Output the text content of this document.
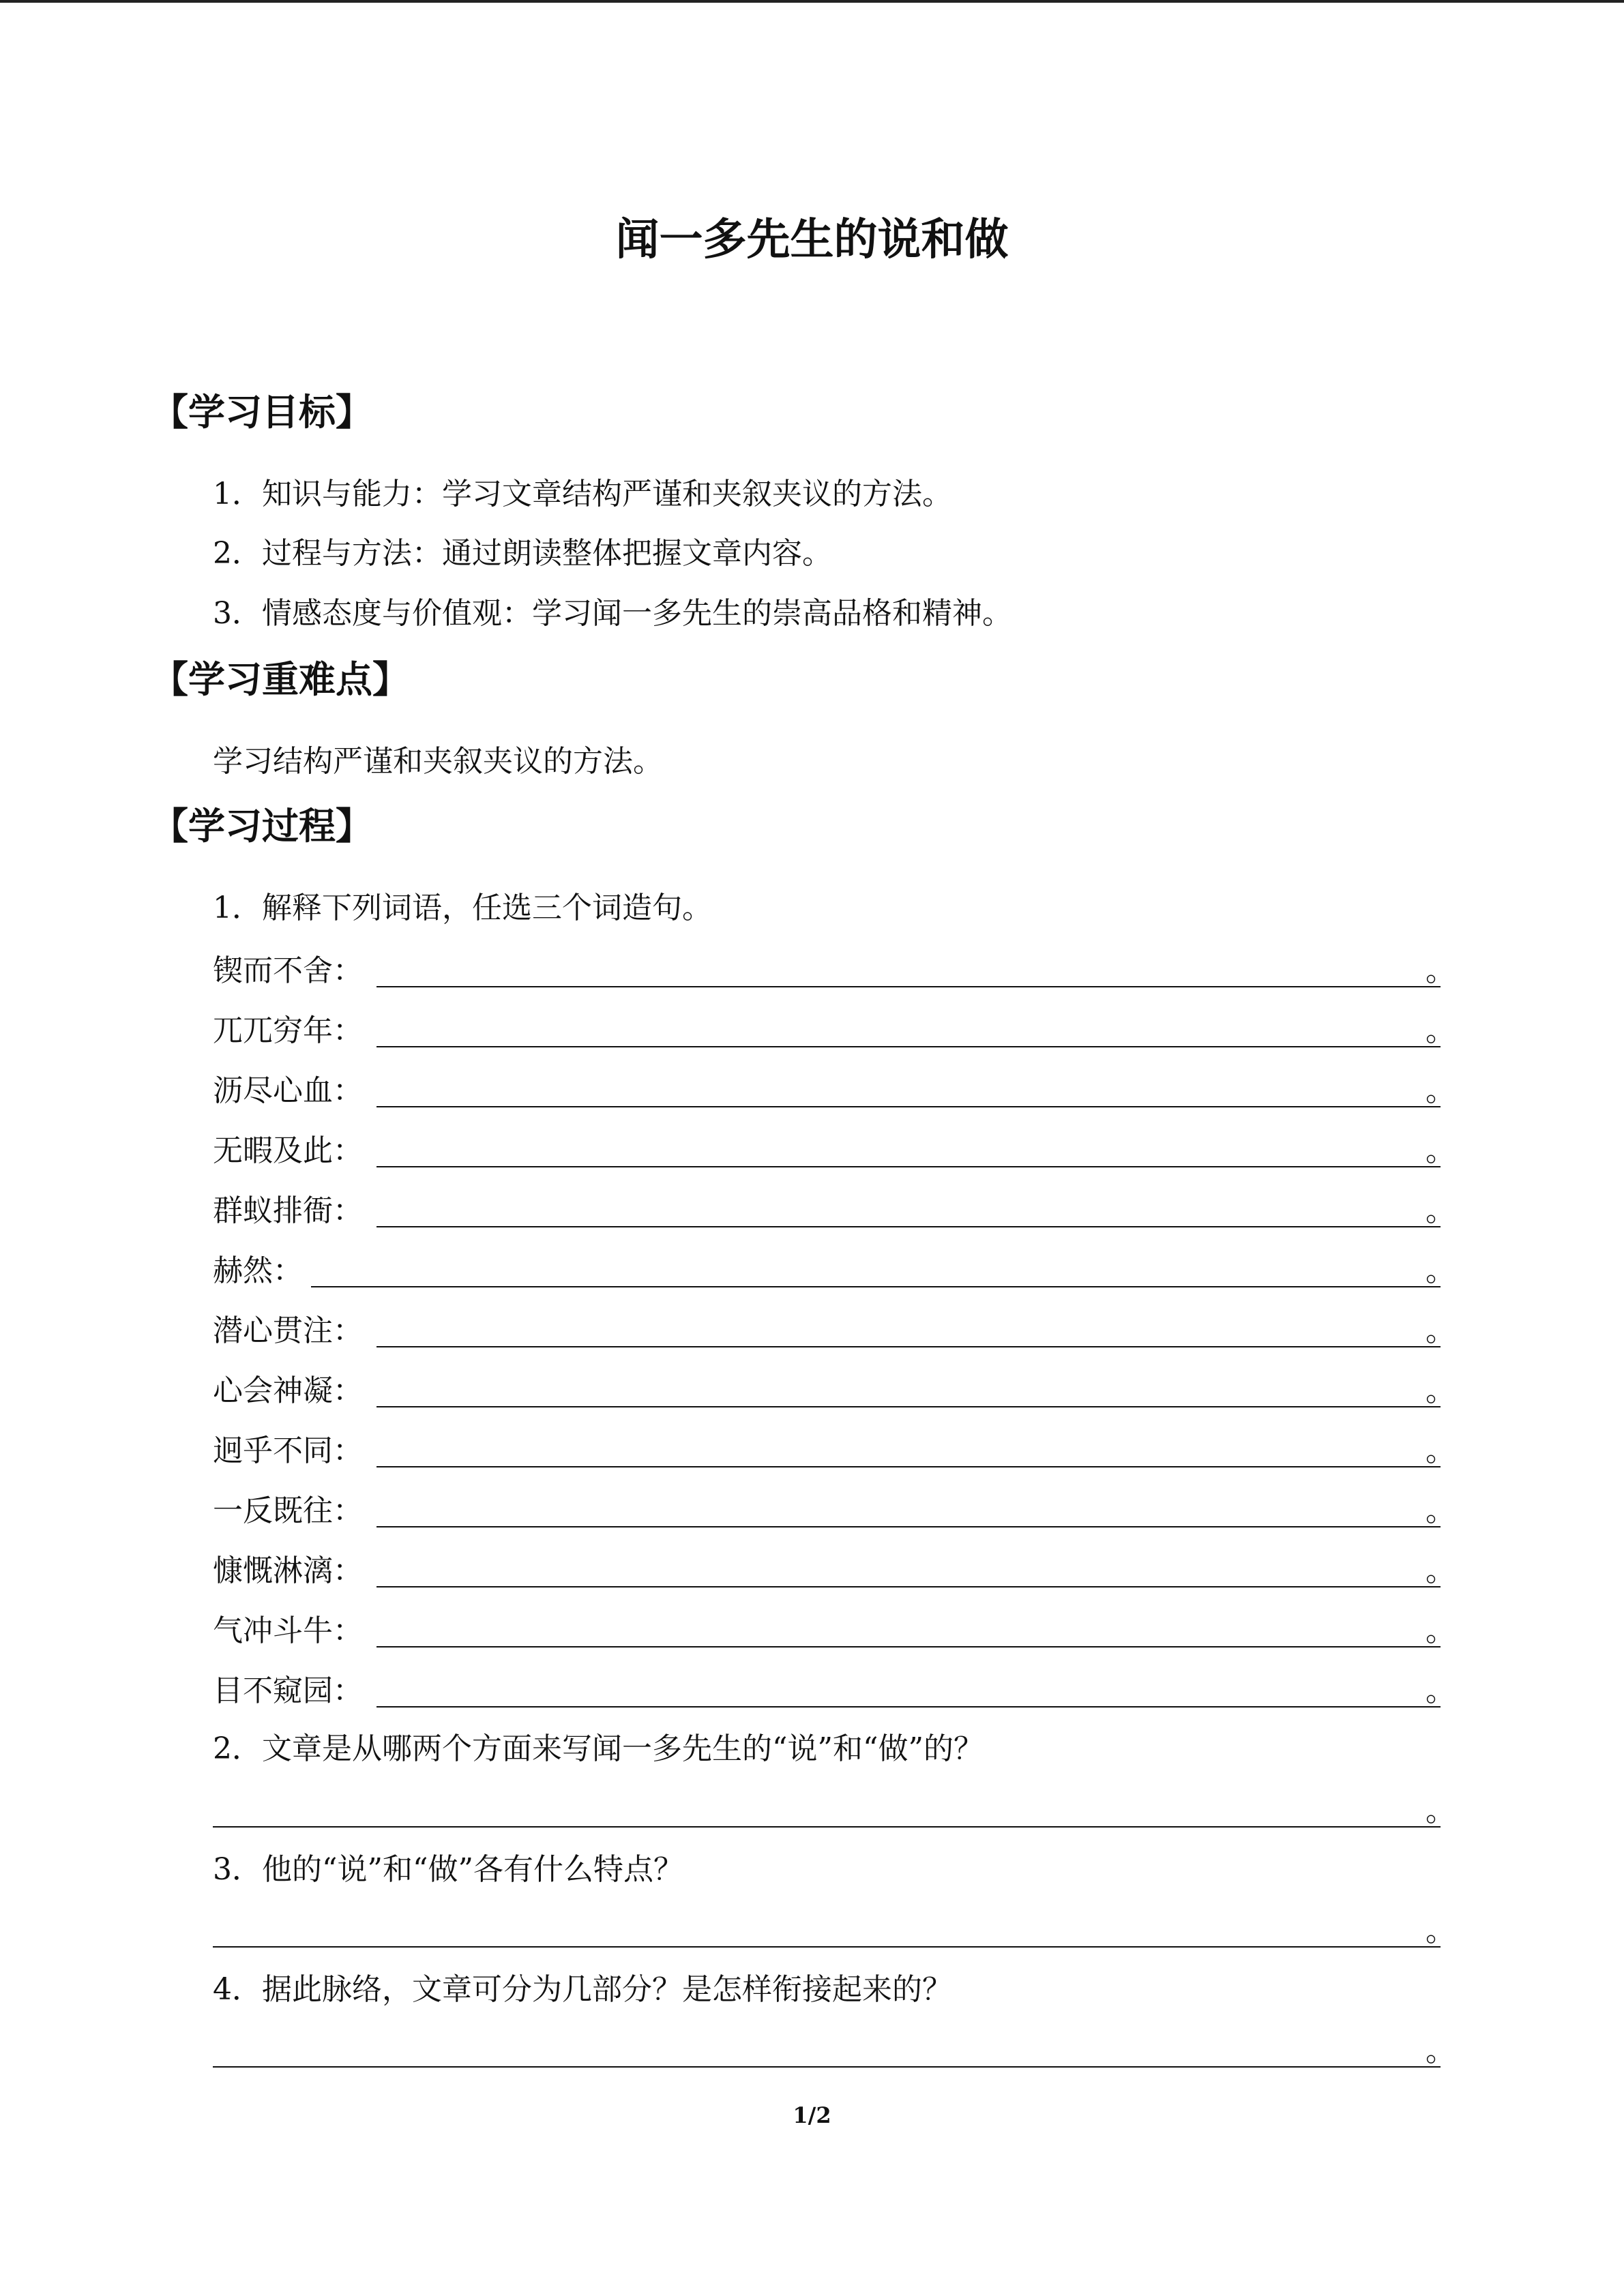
闻一多先生的说和做
【学习目标】

1．知识与能力：学习文章结构严谨和夹叙夹议的方法。

2．过程与方法：通过朗读整体把握文章内容。

3．情感态度与价值观：学习闻一多先生的崇高品格和精神。

【学习重难点】

学习结构严谨和夹叙夹议的方法。

【学习过程】

1．解释下列词语，任选三个词造句。

锲而不舍：	。
兀兀穷年：	。
沥尽心血：	。
无暇及此：	。
群蚁排衙：	。
赫然：	。
潜心贯注：	。
心会神凝：	。
迥乎不同：	。
一反既往：	。
慷慨淋漓：	。
气冲斗牛：	。
目不窥园：	。

2．文章是从哪两个方面来写闻一多先生的“说”和“做”的？

。

3．他的“说”和“做”各有什么特点？

。

4．据此脉络，文章可分为几部分？是怎样衔接起来的？

。

1/2
